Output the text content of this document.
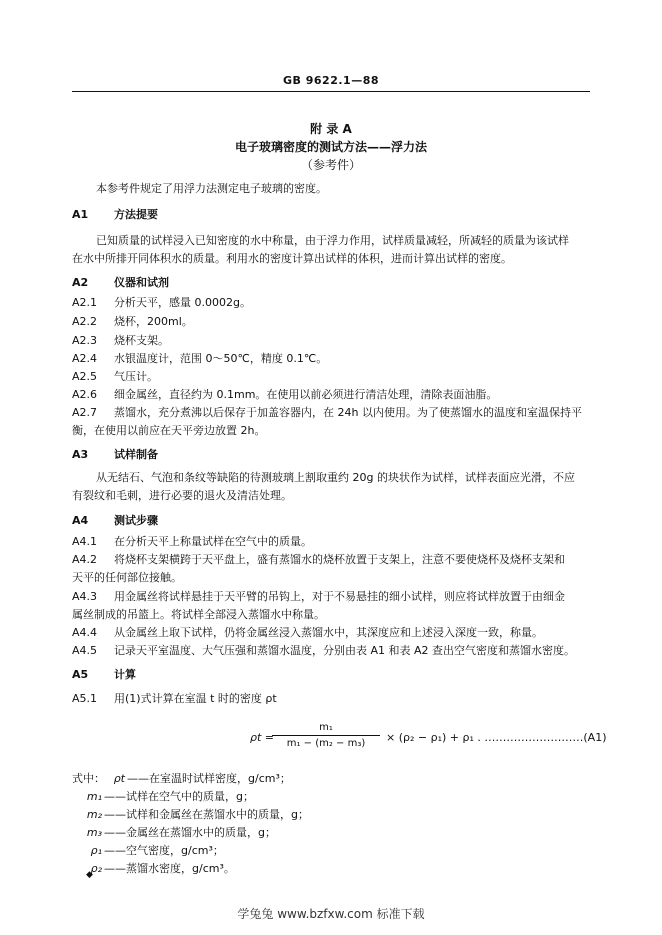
GB 9622.1—88
附 录 A
电子玻璃密度的测试方法——浮力法
（参考件）
本参考件规定了用浮力法测定电子玻璃的密度。
A1 方法提要
已知质量的试样浸入已知密度的水中称量，由于浮力作用，试样质量减轻，所减轻的质量为该试样
在水中所排开同体积水的质量。利用水的密度计算出试样的体积，进而计算出试样的密度。
A2 仪器和试剂
A2.1 分析天平，感量 0.0002g。
A2.2 烧杯，200ml。
A2.3 烧杯支架。
A2.4 水银温度计，范围 0～50℃，精度 0.1℃。
A2.5 气压计。
A2.6 细金属丝，直径约为 0.1mm。在使用以前必须进行清洁处理，清除表面油脂。
A2.7 蒸馏水，充分煮沸以后保存于加盖容器内，在 24h 以内使用。为了使蒸馏水的温度和室温保持平
衡，在使用以前应在天平旁边放置 2h。
A3 试样制备
从无结石、气泡和条纹等缺陷的待测玻璃上割取重约 20g 的块状作为试样，试样表面应光滑，不应
有裂纹和毛刺，进行必要的退火及清洁处理。
A4 测试步骤
A4.1 在分析天平上称量试样在空气中的质量。
A4.2 将烧杯支架横跨于天平盘上，盛有蒸馏水的烧杯放置于支架上，注意不要使烧杯及烧杯支架和
天平的任何部位接触。
A4.3 用金属丝将试样悬挂于天平臂的吊钩上，对于不易悬挂的细小试样，则应将试样放置于由细金
属丝制成的吊篮上。将试样全部浸入蒸馏水中称量。
A4.4 从金属丝上取下试样，仍将金属丝浸入蒸馏水中，其深度应和上述浸入深度一致，称量。
A4.5 记录天平室温度、大气压强和蒸馏水温度，分别由表 A1 和表 A2 查出空气密度和蒸馏水密度。
A5 计算
A5.1 用(1)式计算在室温 t 时的密度 ρt
ρt =
m₁
m₁ − (m₂ − m₃)	× (ρ₂ − ρ₁) + ρ₁ . ………………………(A1)
式中： ρt ——在室温时试样密度，g/cm³；
m₁ ——试样在空气中的质量，g；
m₂ ——试样和金属丝在蒸馏水中的质量，g；
m₃ ——金属丝在蒸馏水中的质量，g；
ρ₁ ——空气密度，g/cm³；
ρ₂ ——蒸馏水密度，g/cm³。
◆
学兔兔 www.bzfxw.com 标准下载
